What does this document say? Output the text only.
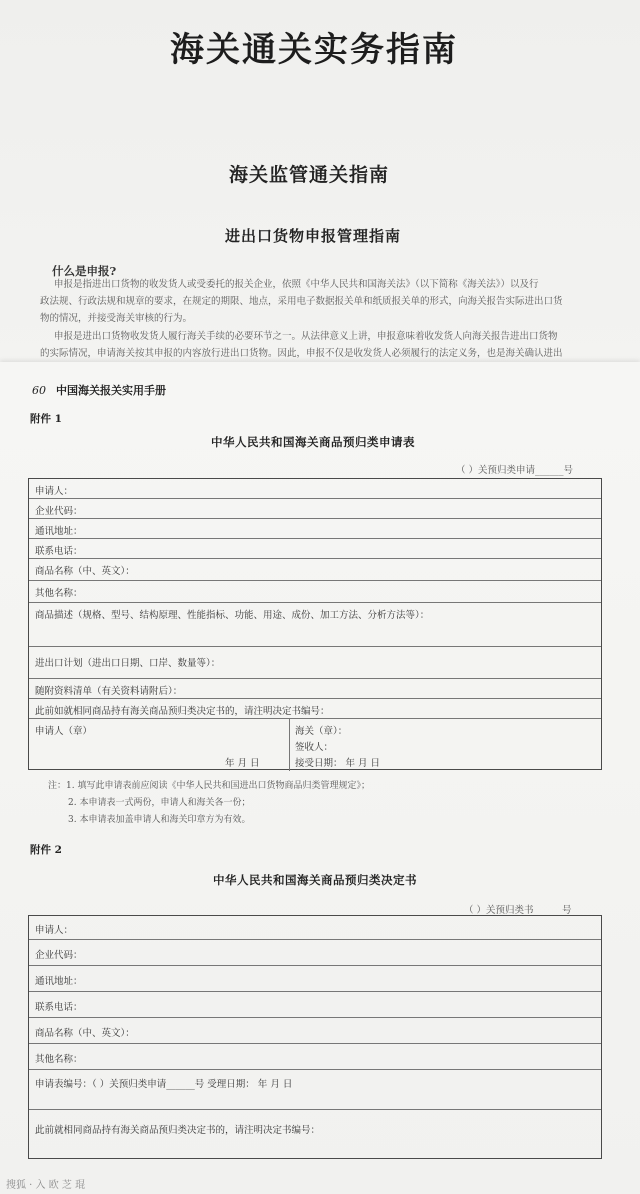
海关通关实务指南
海关监管通关指南
进出口货物申报管理指南
什么是申报?
申报是指进出口货物的收发货人或受委托的报关企业，依照《中华人民共和国海关法》（以下简称《海关法》）以及行
政法规、行政法规和规章的要求，在规定的期限、地点，采用电子数据报关单和纸质报关单的形式，向海关报告实际进出口货
物的情况，并接受海关审核的行为。
申报是进出口货物收发货人履行海关手续的必要环节之一。从法律意义上讲，申报意味着收发货人向海关报告进出口货物
的实际情况，申请海关按其申报的内容放行进出口货物。因此，申报不仅是收发货人必须履行的法定义务，也是海关确认进出
60 中国海关报关实用手册
附件 1
中华人民共和国海关商品预归类申请表
（ ）关预归类申请______号
申请人：
企业代码：
通讯地址：
联系电话：
商品名称（中、英文）：
其他名称：
商品描述（规格、型号、结构原理、性能指标、功能、用途、成份、加工方法、分析方法等）：
进出口计划（进出口日期、口岸、数量等）：
随附资料清单（有关资料请附后）：
此前如就相同商品持有海关商品预归类决定书的，请注明决定书编号：
申请人（章）
年 月 日
海关（章）：
签收人：
接受日期： 年 月 日
注：1. 填写此申请表前应阅读《中华人民共和国进出口货物商品归类管理规定》；
2. 本申请表一式两份，申请人和海关各一份；
3. 本申请表加盖申请人和海关印章方为有效。
附件 2
中华人民共和国海关商品预归类决定书
（ ）关预归类书______号
申请人：
企业代码：
通讯地址：
联系电话：
商品名称（中、英文）：
其他名称：
申请表编号：（ ）关预归类申请______号 受理日期： 年 月 日
此前就相同商品持有海关商品预归类决定书的，请注明决定书编号：
搜狐 · 入 欧 芝 琨
